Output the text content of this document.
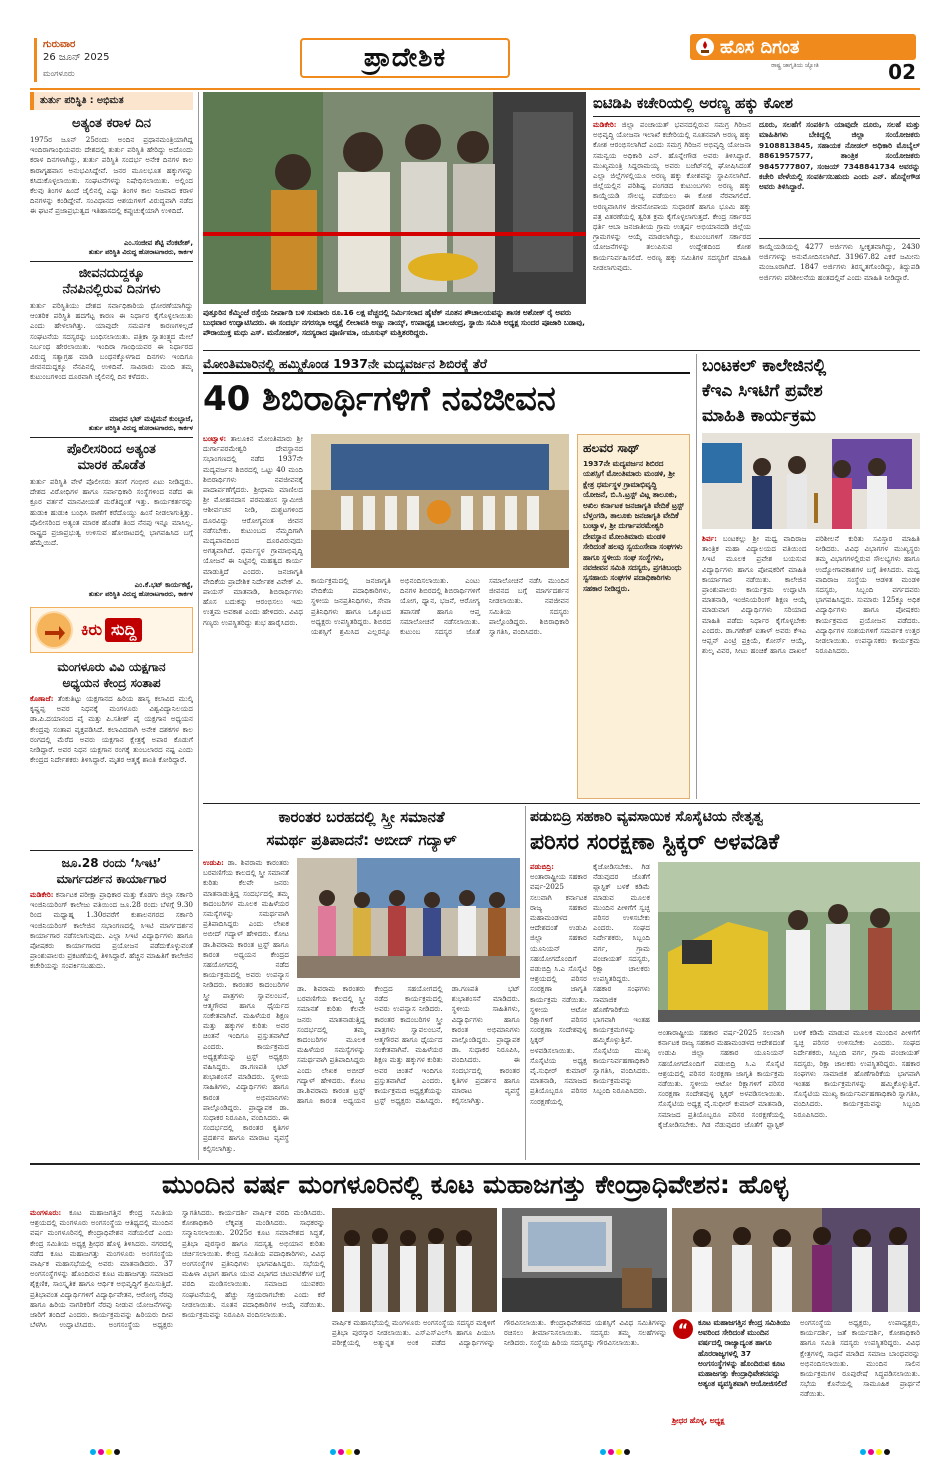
ಗುರುವಾರ
26 ಜೂನ್ 2025
ಮಂಗಳೂರು
ಪ್ರಾದೇಶಿಕ	ಹೊಸ ದಿಗಂತ
ರಾಷ್ಟ್ರ ಜಾಗೃತಿಯ ಜ್ಯೋತಿ	02
ತುರ್ತು ಪರಿಸ್ಥಿತಿ : ಅಭಿಮತ
ಅತ್ಯಂತ ಕರಾಳ ದಿನ
1975ರ ಜೂನ್ 25ರಂದು ಅಂದಿನ ಪ್ರಧಾನಮಂತ್ರಿಯಾಗಿದ್ದ ಇಂದಿರಾಗಾಂಧಿಯವರು ದೇಶದಲ್ಲಿ ತುರ್ತು ಪರಿಸ್ಥಿತಿ ಹೇರಿದ್ದು ಅದೊಂದು ಕರಾಳ ದಿನಗಳಾಗಿದ್ದು, ತುರ್ತು ಪರಿಸ್ಥಿತಿ ಸಂದರ್ಭ ಅನೇಕ ದಿನಗಳ ಕಾಲ ಕಾರಾಗೃಹವಾಸ ಅನುಭವಿಸಿದ್ದೇವೆ. ಜನರ ಮೂಲಭೂತ ಹಕ್ಕುಗಳನ್ನು ಕಸಿದುಕೊಳ್ಳಲಾಯಿತು. ಸಂಘಟನೆಗಳನ್ನು ನಿಷೇಧಿಸಲಾಯಿತು. ಅಲ್ಲಿಂದ ಕೆಲವು ತಿಂಗಳ ಹಿಂದೆ ಜೈಲಿನಲ್ಲಿ ಎಷ್ಟು ತಿಂಗಳ ಕಾಲ ನಿಜವಾದ ಕರಾಳ ದಿನಗಳನ್ನು ಕಂಡಿದ್ದೇವೆ. ಸಂವಿಧಾನದ ಆಶಯಗಳಿಗೆ ವಿರುದ್ಧವಾಗಿ ನಡೆದ ಈ ಘಟನೆ ಪ್ರಜಾಪ್ರಭುತ್ವದ ಇತಿಹಾಸದಲ್ಲಿ ಕಪ್ಪುಚುಕ್ಕೆಯಾಗಿ ಉಳಿದಿದೆ.
ಎಂ.ಸಂಜೀವ ಶೆಟ್ಟಿ ವೆಂಕಟೇಶ್,
ತುರ್ತು ಪರಿಸ್ಥಿತಿ ವಿರುದ್ಧ ಹೋರಾಟಗಾರರು, ಕಾರ್ಕಳ
ಜೀವನದುದ್ದಕ್ಕೂ
ನೆನಪಿನಲ್ಲಿರುವ ದಿನಗಳು
ತುರ್ತು ಪರಿಸ್ಥಿತಿಯು ದೇಶದ ಸರ್ವಾಧಿಕಾರಿಯ ಧೋರಣೆಯಾಗಿದ್ದು ಆಂತರಿಕ ಪರಿಸ್ಥಿತಿ ಹದಗೆಟ್ಟ ಕಾರಣ ಈ ನಿರ್ಧಾರ ಕೈಗೊಳ್ಳಲಾಯಿತು ಎಂದು ಹೇಳಲಾಗಿತ್ತು. ಯಾವುದೇ ಸಮರ್ಪಕ ಕಾರಣಗಳಿಲ್ಲದೆ ಸಂಘಟನೆಯ ಸದಸ್ಯರನ್ನು ಬಂಧಿಸಲಾಯಿತು. ಪತ್ರಿಕಾ ಸ್ವಾತಂತ್ರ್ಯದ ಮೇಲೆ ನಿರ್ಬಂಧ ಹೇರಲಾಯಿತು. ಇಂದಿರಾ ಗಾಂಧಿಯವರ ಈ ನಿರ್ಧಾರದ ವಿರುದ್ಧ ಸತ್ಯಾಗ್ರಹ ಮಾಡಿ ಬಂಧನಕ್ಕೊಳಗಾದ ದಿನಗಳು ಇಂದಿಗೂ ಜೀವನದುದ್ದಕ್ಕೂ ನೆನಪಿನಲ್ಲಿ ಉಳಿದಿವೆ. ಸಾವಿರಾರು ಮಂದಿ ತಮ್ಮ ಕುಟುಂಬಗಳಿಂದ ದೂರವಾಗಿ ಜೈಲಿನಲ್ಲಿ ದಿನ ಕಳೆದರು.
ಮಾಧವ ಭಟ್ ಮಟ್ಟಿಮನೆ ಕುಂಬ್ಳಾಜೆ,
ತುರ್ತು ಪರಿಸ್ಥಿತಿ ವಿರುದ್ಧ ಹೋರಾಟಗಾರರು, ಕಾರ್ಕಳ
ಪೊಲೀಸರಿಂದ ಅತ್ಯಂತ
ಮಾರಕ ಹೊಡೆತ
ತುರ್ತು ಪರಿಸ್ಥಿತಿ ವೇಳೆ ಪೊಲೀಸರು ತನಗೆ ಗಂಭೀರ ಏಟು ನೀಡಿದ್ದರು. ದೇಶದ ವಿರೋಧಿಗಳ ಹಾಗೂ ಸರ್ವಾಧಿಕಾರಿ ಸಂಸ್ಥೆಗಳಿಂದ ನಡೆದ ಈ ಕ್ರೂರ ವರ್ತನೆ ಮಾನವೀಯತೆ ಮರೆತಿದ್ದಂತೆ ಇತ್ತು. ಕಾರ್ಯಕರ್ತರನ್ನು ಹುಡುಕಿ ಹುಡುಕಿ ಬಂಧಿಸಿ ಠಾಣೆಗೆ ಕರೆದೊಯ್ದು ಹಿಂಸೆ ನೀಡಲಾಗುತ್ತಿತ್ತು. ಪೊಲೀಸರಿಂದ ಅತ್ಯಂತ ಮಾರಕ ಹೊಡೆತ ತಿಂದ ನೆನಪು ಇನ್ನೂ ಮಾಸಿಲ್ಲ. ರಾಷ್ಟ್ರದ ಪ್ರಜಾಪ್ರಭುತ್ವ ಉಳಿಸುವ ಹೋರಾಟದಲ್ಲಿ ಭಾಗವಹಿಸಿದ ಬಗ್ಗೆ ಹೆಮ್ಮೆಯಿದೆ.
ಎಂ.ಕೆ.ಭಟ್ ಕಾರ್ಯಕಟ್ಟೆ,
ತುರ್ತು ಪರಿಸ್ಥಿತಿ ವಿರುದ್ಧ ಹೋರಾಟಗಾರರು, ಕಾರ್ಕಳ
ಕಿರು ಸುದ್ದಿ
ಮಂಗಳೂರು ವಿವಿ ಯಕ್ಷಗಾನ
ಅಧ್ಯಯನ ಕೇಂದ್ರ ಸಂತಾಪ
ಕೊಣಾಜೆ: ತೆಂಕುತಿಟ್ಟು ಯಕ್ಷಗಾನದ ಹಿರಿಯ ಹಾಸ್ಯ ಕಲಾವಿದ ಮುಲ್ಕಿ ಕೃಷ್ಣಪ್ಪ ಅವರ ನಿಧನಕ್ಕೆ ಮಂಗಳೂರು ವಿಶ್ವವಿದ್ಯಾನಿಲಯದ ಡಾ.ಪಿ.ದಯಾನಂದ ಪೈ ಮತ್ತು ಪಿ.ಸತೀಶ್ ಪೈ ಯಕ್ಷಗಾನ ಅಧ್ಯಯನ ಕೇಂದ್ರವು ಸಂತಾಪ ವ್ಯಕ್ತಪಡಿಸಿದೆ. ಕಲಾವಿದರಾಗಿ ಅನೇಕ ದಶಕಗಳ ಕಾಲ ರಂಗದಲ್ಲಿ ಮೆರೆದ ಅವರು ಯಕ್ಷಗಾನ ಕ್ಷೇತ್ರಕ್ಕೆ ಅಪಾರ ಕೊಡುಗೆ ನೀಡಿದ್ದಾರೆ. ಅವರ ನಿಧನ ಯಕ್ಷಗಾನ ರಂಗಕ್ಕೆ ತುಂಬಲಾರದ ನಷ್ಟ ಎಂದು ಕೇಂದ್ರದ ನಿರ್ದೇಶಕರು ತಿಳಿಸಿದ್ದಾರೆ. ಮೃತರ ಆತ್ಮಕ್ಕೆ ಶಾಂತಿ ಕೋರಿದ್ದಾರೆ.
ಜೂ.28 ರಂದು ‘ಸಿಇಟಿ’
ಮಾರ್ಗದರ್ಶನ ಕಾರ್ಯಾಗಾರ
ಮಡಿಕೇರಿ: ಕರ್ನಾಟಕ ಪರೀಕ್ಷಾ ಪ್ರಾಧಿಕಾರ ಮತ್ತು ಕೊಡಗು ಜಿಲ್ಲಾ ಸರ್ಕಾರಿ ಇಂಜಿನಿಯರಿಂಗ್ ಕಾಲೇಜು ವತಿಯಿಂದ ಜೂ.28 ರಂದು ಬೆಳಗ್ಗೆ 9.30 ರಿಂದ ಮಧ್ಯಾಹ್ನ 1.30ರವರೆಗೆ ಕುಶಾಲನಗರದ ಸರ್ಕಾರಿ ಇಂಜಿನಿಯರಿಂಗ್ ಕಾಲೇಜಿನ ಸಭಾಂಗಣದಲ್ಲಿ ಸಿಇಟಿ ಮಾರ್ಗದರ್ಶನ ಕಾರ್ಯಾಗಾರ ನಡೆಸಲಾಗುವುದು. ಎಲ್ಲಾ ಸಿಇಟಿ ವಿದ್ಯಾರ್ಥಿಗಳು ಹಾಗೂ ಪೋಷಕರು ಕಾರ್ಯಾಗಾರದ ಪ್ರಯೋಜನ ಪಡೆದುಕೊಳ್ಳುವಂತೆ ಪ್ರಾಂಶುಪಾಲರು ಪ್ರಕಟಣೆಯಲ್ಲಿ ತಿಳಿಸಿದ್ದಾರೆ. ಹೆಚ್ಚಿನ ಮಾಹಿತಿಗೆ ಕಾಲೇಜಿನ ಕಚೇರಿಯನ್ನು ಸಂಪರ್ಕಿಸಬಹುದು.
ಪುತ್ತೂರಿನ ಕೆಮ್ಮಿಂಜೆ ರಸ್ತೆಯ ನೀರ್ಪಾಡಿ ಬಳಿ ಸುಮಾರು ರೂ.16 ಲಕ್ಷ ವೆಚ್ಚದಲ್ಲಿ ನಿರ್ಮಿಸಲಾದ ಹೈಟೆಕ್ ನೂತನ ಶೌಚಾಲಯವನ್ನು ಶಾಸಕ ಅಶೋಕ್ ರೈ ಅವರು ಬುಧವಾರ ಉದ್ಘಾಟಿಸಿದರು. ಈ ಸಂದರ್ಭ ನಗರಸಭಾ ಅಧ್ಯಕ್ಷೆ ಲೀಲಾವತಿ ಅಣ್ಣು ನಾಯ್ಕ್, ಉಪಾಧ್ಯಕ್ಷ ಬಾಲಚಂದ್ರ, ಸ್ಥಾಯಿ ಸಮಿತಿ ಅಧ್ಯಕ್ಷ ಸುಂದರ ಪೂಜಾರಿ ಬಡಾವು, ಪೌರಾಯುಕ್ತ ಮಧು ಎಸ್. ಮನೋಹರ್, ಸದಸ್ಯರಾದ ಪೂರ್ಣಿಮಾ, ಯೂಸುಫ್ ಮತ್ತಿತರರಿದ್ದರು.
ಐಟಿಡಿಪಿ ಕಚೇರಿಯಲ್ಲಿ ಅರಣ್ಯ ಹಕ್ಕು ಕೋಶ
ಮಡಿಕೇರಿ: ಜಿಲ್ಲಾ ಪಂಚಾಯತ್ ಭವನದಲ್ಲಿರುವ ಸಮಗ್ರ ಗಿರಿಜನ ಅಭಿವೃದ್ಧಿ ಯೋಜನಾ ಇಲಾಖೆ ಕಚೇರಿಯಲ್ಲಿ ನೂತನವಾಗಿ ಅರಣ್ಯ ಹಕ್ಕು ಕೋಶ ಆರಂಭಿಸಲಾಗಿದೆ ಎಂದು ಸಮಗ್ರ ಗಿರಿಜನ ಅಭಿವೃದ್ಧಿ ಯೋಜನಾ ಸಮನ್ವಯ ಅಧಿಕಾರಿ ಎನ್. ಹೊನ್ನೇಗೌಡ ಅವರು ತಿಳಿಸಿದ್ದಾರೆ. ಮುಖ್ಯಮಂತ್ರಿ ಸಿದ್ದರಾಮಯ್ಯ ಅವರು ಬಜೆಟ್‌ನಲ್ಲಿ ಘೋಷಿಸಿದಂತೆ ಎಲ್ಲಾ ಜಿಲ್ಲೆಗಳಲ್ಲಿಯೂ ಅರಣ್ಯ ಹಕ್ಕು ಕೋಶವನ್ನು ಸ್ಥಾಪಿಸಲಾಗಿದೆ. ಜಿಲ್ಲೆಯಲ್ಲಿನ ಪರಿಶಿಷ್ಟ ಪಂಗಡದ ಕುಟುಂಬಗಳು ಅರಣ್ಯ ಹಕ್ಕು ಕಾಯ್ದೆಯಡಿ ಸೌಲಭ್ಯ ಪಡೆಯಲು ಈ ಕೋಶ ನೆರವಾಗಲಿದೆ. ಅರಣ್ಯವಾಸಿಗಳ ಜೀವನೋಪಾಯ ಸುಧಾರಣೆ ಹಾಗೂ ಭೂಮಿ ಹಕ್ಕು ಪತ್ರ ವಿತರಣೆಯಲ್ಲಿ ತ್ವರಿತ ಕ್ರಮ ಕೈಗೊಳ್ಳಲಾಗುತ್ತದೆ. ಕೇಂದ್ರ ಸರ್ಕಾರದ ಧರ್ತಿ ಆಬಾ ಜನಜಾತೀಯ ಗ್ರಾಮ ಉತ್ಕರ್ಷ ಅಭಿಯಾನದಡಿ ಜಿಲ್ಲೆಯ ಗ್ರಾಮಗಳನ್ನು ಆಯ್ಕೆ ಮಾಡಲಾಗಿದ್ದು, ಕುಟುಂಬಗಳಿಗೆ ಸರ್ಕಾರದ ಯೋಜನೆಗಳನ್ನು ತಲುಪಿಸುವ ಉದ್ದೇಶದಿಂದ ಕೋಶ ಕಾರ್ಯನಿರ್ವಹಿಸಲಿದೆ. ಅರಣ್ಯ ಹಕ್ಕು ಸಮಿತಿಗಳ ಸದಸ್ಯರಿಗೆ ಮಾಹಿತಿ ನೀಡಲಾಗುವುದು.
ದೂರು, ಸಲಹೆಗೆ ಸಂಪರ್ಕಿಸಿ ಯಾವುದೇ ದೂರು, ಸಲಹೆ ಮತ್ತು ಮಾಹಿತಿಗಳು ಬೇಕಿದ್ದಲ್ಲಿ ಜಿಲ್ಲಾ ಸಂಯೋಜಕರು 9108813845, ಸಹಾಯಕ ನೋಡಲ್ ಅಧಿಕಾರಿ ಮೊಬೈಲ್ 8861957577, ತಾಂತ್ರಿಕ ಸಂಯೋಜಕರು 9845777807, ಸಂಜಯ್ 7348841734 ಅವರನ್ನು ಕಚೇರಿ ವೇಳೆಯಲ್ಲಿ ಸಂಪರ್ಕಿಸಬಹುದು ಎಂದು ಎನ್. ಹೊನ್ನೇಗೌಡ ಅವರು ತಿಳಿಸಿದ್ದಾರೆ.
ಕಾಯ್ದೆಯಡಿಯಲ್ಲಿ 4277 ಅರ್ಜಿಗಳು ಸ್ವೀಕೃತವಾಗಿದ್ದು, 2430 ಅರ್ಜಿಗಳನ್ನು ಅನುಮೋದಿಸಲಾಗಿದೆ. 31967.82 ಎಕರೆ ಜಮೀನು ಮಂಜೂರಾಗಿದೆ. 1847 ಅರ್ಜಿಗಳು ತಿರಸ್ಕೃತಗೊಂಡಿದ್ದು, ತಿದ್ದುಪಡಿ ಅರ್ಜಿಗಳು ಪರಿಶೀಲನೆಯ ಹಂತದಲ್ಲಿವೆ ಎಂದು ಮಾಹಿತಿ ನೀಡಿದ್ದಾರೆ.
ಮೋಂತಿಮಾರಿನಲ್ಲಿ ಹಮ್ಮಿಕೊಂಡ 1937ನೇ ಮದ್ಯವರ್ಜನ ಶಿಬಿರಕ್ಕೆ ತೆರೆ
40 ಶಿಬಿರಾರ್ಥಿಗಳಿಗೆ ನವಜೀವನ
ಬಂಟ್ವಾಳ: ತಾಲೂಕಿನ ಮೋಂತಿಮಾರು ಶ್ರೀ ದುರ್ಗಾಪರಮೇಶ್ವರಿ ದೇವಸ್ಥಾನದ ಸಭಾಂಗಣದಲ್ಲಿ ನಡೆದ 1937ನೇ ಮದ್ಯವರ್ಜನ ಶಿಬಿರದಲ್ಲಿ ಒಟ್ಟು 40 ಮಂದಿ ಶಿಬಿರಾರ್ಥಿಗಳು ನವಜೀವನಕ್ಕೆ ಪಾದಾರ್ಪಣೆಗೈದರು. ಶ್ರೀಧಾಮ ಮಾಣಿಲದ ಶ್ರೀ ಮೋಹನದಾಸ ಪರಮಹಂಸ ಸ್ವಾಮೀಜಿ ಆಶೀರ್ವಚನ ನೀಡಿ, ದುಶ್ಚಟಗಳಿಂದ ದೂರವಿದ್ದು ಆರೋಗ್ಯವಂತ ಜೀವನ ನಡೆಸಬೇಕು. ಕುಟುಂಬದ ನೆಮ್ಮದಿಗಾಗಿ ಮದ್ಯಪಾನದಿಂದ ದೂರವಿರುವುದು ಅಗತ್ಯವಾಗಿದೆ. ಧರ್ಮಸ್ಥಳ ಗ್ರಾಮಾಭಿವೃದ್ಧಿ ಯೋಜನೆ ಈ ನಿಟ್ಟಿನಲ್ಲಿ ಮಹತ್ವದ ಕಾರ್ಯ ಮಾಡುತ್ತಿದೆ ಎಂದರು. ಜನಜಾಗೃತಿ ವೇದಿಕೆಯ ಪ್ರಾದೇಶಿಕ ನಿರ್ದೇಶಕ ವಿವೇಕ್ ವಿ. ಪಾಯಸ್ ಮಾತನಾಡಿ, ಶಿಬಿರಾರ್ಥಿಗಳು ಹೊಸ ಬದುಕನ್ನು ಆರಂಭಿಸಲು ಇದು ಉತ್ತಮ ಅವಕಾಶ ಎಂದು ಹೇಳಿದರು. ವಿವಿಧ ಗಣ್ಯರು ಉಪಸ್ಥಿತರಿದ್ದು ಶುಭ ಹಾರೈಸಿದರು.
ಕಾರ್ಯಕ್ರಮದಲ್ಲಿ ಜನಜಾಗೃತಿ ವೇದಿಕೆಯ ಪದಾಧಿಕಾರಿಗಳು, ಸ್ಥಳೀಯ ಜನಪ್ರತಿನಿಧಿಗಳು, ಸೇವಾ ಪ್ರತಿನಿಧಿಗಳು ಹಾಗೂ ಒಕ್ಕೂಟದ ಅಧ್ಯಕ್ಷರು ಉಪಸ್ಥಿತರಿದ್ದರು. ಶಿಬಿರದ ಯಶಸ್ಸಿಗೆ ಶ್ರಮಿಸಿದ ಎಲ್ಲರನ್ನೂ ಅಭಿನಂದಿಸಲಾಯಿತು. ಎಂಟು ದಿನಗಳ ಶಿಬಿರದಲ್ಲಿ ಶಿಬಿರಾರ್ಥಿಗಳಿಗೆ ಯೋಗ, ಧ್ಯಾನ, ಭಜನೆ, ಆರೋಗ್ಯ ತಪಾಸಣೆ ಹಾಗೂ ಆಪ್ತ ಸಮಾಲೋಚನೆ ನಡೆಸಲಾಯಿತು. ಕುಟುಂಬ ಸದಸ್ಯರ ಜೊತೆ ಸಮಾಲೋಚನೆ ನಡೆಸಿ ಮುಂದಿನ ಜೀವನದ ಬಗ್ಗೆ ಮಾರ್ಗದರ್ಶನ ನೀಡಲಾಯಿತು. ನವಜೀವನ ಸಮಿತಿಯ ಸದಸ್ಯರು ಪಾಲ್ಗೊಂಡಿದ್ದರು. ಶಿಬಿರಾಧಿಕಾರಿ ಸ್ವಾಗತಿಸಿ, ವಂದಿಸಿದರು.
ಹಲವರ ಸಾಥ್
1937ನೇ ಮದ್ಯವರ್ಜನ ಶಿಬಿರದ ಯಶಸ್ಸಿಗೆ ಮೋಂತಿಮಾರು ಮಂಡಳಿ, ಶ್ರೀ ಕ್ಷೇತ್ರ ಧರ್ಮಸ್ಥಳ ಗ್ರಾಮಾಭಿವೃದ್ಧಿ ಯೋಜನೆ, ಬಿ.ಸಿ.ಟ್ರಸ್ಟ್ ವಿಟ್ಲ ತಾಲೂಕು, ಅಖಿಲ ಕರ್ನಾಟಕ ಜನಜಾಗೃತಿ ವೇದಿಕೆ ಟ್ರಸ್ಟ್ ಬೆಳ್ತಂಗಡಿ, ತಾಲೂಕು ಜನಜಾಗೃತಿ ವೇದಿಕೆ ಬಂಟ್ವಾಳ, ಶ್ರೀ ದುರ್ಗಾಪರಮೇಶ್ವರಿ ದೇವಸ್ಥಾನ ಮೋಂತಿಮಾರು ಮಂಡಳಿ ಸೇರಿದಂತೆ ಹಲವು ಸ್ವಯಂಸೇವಾ ಸಂಘಗಳು ಹಾಗೂ ಸ್ಥಳೀಯ ಸಂಘ ಸಂಸ್ಥೆಗಳು, ನವಜೀವನ ಸಮಿತಿ ಸದಸ್ಯರು, ಪ್ರಗತಿಬಂಧು ಸ್ವಸಹಾಯ ಸಂಘಗಳ ಪದಾಧಿಕಾರಿಗಳು ಸಹಕಾರ ನೀಡಿದ್ದರು.
ಬಂಟಕಲ್ ಕಾಲೇಜಿನಲ್ಲಿ
ಕೆಇಎ ಸಿಇಟಿಗೆ ಪ್ರವೇಶ
ಮಾಹಿತಿ ಕಾರ್ಯಕ್ರಮ
ಶಿರ್ವ: ಬಂಟಕಲ್ಲು ಶ್ರೀ ಮಧ್ವ ವಾದಿರಾಜ ತಾಂತ್ರಿಕ ಮಹಾ ವಿದ್ಯಾಲಯದ ವತಿಯಿಂದ ಸಿಇಟಿ ಮೂಲಕ ಪ್ರವೇಶ ಬಯಸುವ ವಿದ್ಯಾರ್ಥಿಗಳು ಹಾಗೂ ಪೋಷಕರಿಗೆ ಮಾಹಿತಿ ಕಾರ್ಯಾಗಾರ ನಡೆಯಿತು. ಕಾಲೇಜಿನ ಪ್ರಾಂಶುಪಾಲರು ಕಾರ್ಯಕ್ರಮ ಉದ್ಘಾಟಿಸಿ ಮಾತನಾಡಿ, ಇಂಜಿನಿಯರಿಂಗ್ ಶಿಕ್ಷಣ ಆಯ್ಕೆ ಮಾಡುವಾಗ ವಿದ್ಯಾರ್ಥಿಗಳು ಸರಿಯಾದ ಮಾಹಿತಿ ಪಡೆದು ನಿರ್ಧಾರ ಕೈಗೊಳ್ಳಬೇಕು ಎಂದರು. ಡಾ.ಗಣೇಶ್ ಐತಾಳ್ ಅವರು ಕೆಇಎ ಆಪ್ಷನ್ ಎಂಟ್ರಿ ಪ್ರಕ್ರಿಯೆ, ಕೋರ್ಸ್ ಆಯ್ಕೆ, ಶುಲ್ಕ ವಿವರ, ಸೀಟು ಹಂಚಿಕೆ ಹಾಗೂ ದಾಖಲೆ ಪರಿಶೀಲನೆ ಕುರಿತು ಸವಿಸ್ತಾರ ಮಾಹಿತಿ ನೀಡಿದರು. ವಿವಿಧ ವಿಭಾಗಗಳ ಮುಖ್ಯಸ್ಥರು ತಮ್ಮ ವಿಭಾಗಗಳಲ್ಲಿರುವ ಸೌಲಭ್ಯಗಳು ಹಾಗೂ ಉದ್ಯೋಗಾವಕಾಶಗಳ ಬಗ್ಗೆ ತಿಳಿಸಿದರು. ಮಧ್ವ ವಾದಿರಾಜ ಸಂಸ್ಥೆಯ ಆಡಳಿತ ಮಂಡಳಿ ಸದಸ್ಯರು, ಸಿಬ್ಬಂದಿ ವರ್ಗದವರು ಭಾಗವಹಿಸಿದ್ದರು. ಸುಮಾರು 125ಕ್ಕೂ ಅಧಿಕ ವಿದ್ಯಾರ್ಥಿಗಳು ಹಾಗೂ ಪೋಷಕರು ಕಾರ್ಯಕ್ರಮದ ಪ್ರಯೋಜನ ಪಡೆದರು. ವಿದ್ಯಾರ್ಥಿಗಳ ಸಂಶಯಗಳಿಗೆ ಸಮರ್ಪಕ ಉತ್ತರ ನೀಡಲಾಯಿತು. ಉಪನ್ಯಾಸಕರು ಕಾರ್ಯಕ್ರಮ ನಿರೂಪಿಸಿದರು.
ಕಾರಂತರ ಬರಹದಲ್ಲಿ ಸ್ತ್ರೀ ಸಮಾನತೆ
ಸಮರ್ಥ ಪ್ರತಿಪಾದನೆ: ಅಬೀದ್ ಗದ್ಯಾಳ್
ಉಡುಪಿ: ಡಾ. ಶಿವರಾಮ ಕಾರಂತರು ಬರವಣಿಗೆಯ ಕಾಲದಲ್ಲಿ ಸ್ತ್ರೀ ಸಮಾನತೆ ಕುರಿತು ಕೆಲವೇ ಜನರು ಮಾತನಾಡುತ್ತಿದ್ದ ಸಂದರ್ಭದಲ್ಲಿ ತಮ್ಮ ಕಾದಂಬರಿಗಳ ಮೂಲಕ ಮಹಿಳೆಯರ ಸಮಸ್ಯೆಗಳನ್ನು ಸಮರ್ಥವಾಗಿ ಪ್ರತಿಪಾದಿಸಿದ್ದರು ಎಂದು ಲೇಖಕ ಅಬೀದ್ ಗದ್ಯಾಳ್ ಹೇಳಿದರು. ಕೋಟ ಡಾ.ಶಿವರಾಮ ಕಾರಂತ ಟ್ರಸ್ಟ್ ಹಾಗೂ ಕಾರಂತ ಅಧ್ಯಯನ ಕೇಂದ್ರದ ಸಹಯೋಗದಲ್ಲಿ ನಡೆದ ಕಾರ್ಯಕ್ರಮದಲ್ಲಿ ಅವರು ಉಪನ್ಯಾಸ ನೀಡಿದರು. ಕಾರಂತರ ಕಾದಂಬರಿಗಳ ಸ್ತ್ರೀ ಪಾತ್ರಗಳು ಸ್ವಾವಲಂಬನೆ, ಆತ್ಮಗೌರವ ಹಾಗೂ ಧೈರ್ಯದ ಸಂಕೇತವಾಗಿವೆ. ಮಹಿಳೆಯರ ಶಿಕ್ಷಣ ಮತ್ತು ಹಕ್ಕುಗಳ ಕುರಿತು ಅವರ ಚಿಂತನೆ ಇಂದಿಗೂ ಪ್ರಸ್ತುತವಾಗಿದೆ ಎಂದರು. ಕಾರ್ಯಕ್ರಮದ ಅಧ್ಯಕ್ಷತೆಯನ್ನು ಟ್ರಸ್ಟ್ ಅಧ್ಯಕ್ಷರು ವಹಿಸಿದ್ದರು. ಡಾ.ಗಣಪತಿ ಭಟ್ ಶುಭಾಶಂಸನೆ ಮಾಡಿದರು. ಸ್ಥಳೀಯ ಸಾಹಿತಿಗಳು, ವಿದ್ಯಾರ್ಥಿಗಳು ಹಾಗೂ ಕಾರಂತ ಅಭಿಮಾನಿಗಳು ಪಾಲ್ಗೊಂಡಿದ್ದರು. ಪ್ರಾಧ್ಯಾಪಕ ಡಾ. ಸುಧಾಕರ ನಿರೂಪಿಸಿ, ವಂದಿಸಿದರು. ಈ ಸಂದರ್ಭದಲ್ಲಿ ಕಾರಂತರ ಕೃತಿಗಳ ಪ್ರದರ್ಶನ ಹಾಗೂ ಮಾರಾಟ ವ್ಯವಸ್ಥೆ ಕಲ್ಪಿಸಲಾಗಿತ್ತು.
ಡಾ. ಶಿವರಾಮ ಕಾರಂತರು ಬರವಣಿಗೆಯ ಕಾಲದಲ್ಲಿ ಸ್ತ್ರೀ ಸಮಾನತೆ ಕುರಿತು ಕೆಲವೇ ಜನರು ಮಾತನಾಡುತ್ತಿದ್ದ ಸಂದರ್ಭದಲ್ಲಿ ತಮ್ಮ ಕಾದಂಬರಿಗಳ ಮೂಲಕ ಮಹಿಳೆಯರ ಸಮಸ್ಯೆಗಳನ್ನು ಸಮರ್ಥವಾಗಿ ಪ್ರತಿಪಾದಿಸಿದ್ದರು ಎಂದು ಲೇಖಕ ಅಬೀದ್ ಗದ್ಯಾಳ್ ಹೇಳಿದರು. ಕೋಟ ಡಾ.ಶಿವರಾಮ ಕಾರಂತ ಟ್ರಸ್ಟ್ ಹಾಗೂ ಕಾರಂತ ಅಧ್ಯಯನ ಕೇಂದ್ರದ ಸಹಯೋಗದಲ್ಲಿ ನಡೆದ ಕಾರ್ಯಕ್ರಮದಲ್ಲಿ ಅವರು ಉಪನ್ಯಾಸ ನೀಡಿದರು. ಕಾರಂತರ ಕಾದಂಬರಿಗಳ ಸ್ತ್ರೀ ಪಾತ್ರಗಳು ಸ್ವಾವಲಂಬನೆ, ಆತ್ಮಗೌರವ ಹಾಗೂ ಧೈರ್ಯದ ಸಂಕೇತವಾಗಿವೆ. ಮಹಿಳೆಯರ ಶಿಕ್ಷಣ ಮತ್ತು ಹಕ್ಕುಗಳ ಕುರಿತು ಅವರ ಚಿಂತನೆ ಇಂದಿಗೂ ಪ್ರಸ್ತುತವಾಗಿದೆ ಎಂದರು. ಕಾರ್ಯಕ್ರಮದ ಅಧ್ಯಕ್ಷತೆಯನ್ನು ಟ್ರಸ್ಟ್ ಅಧ್ಯಕ್ಷರು ವಹಿಸಿದ್ದರು. ಡಾ.ಗಣಪತಿ ಭಟ್ ಶುಭಾಶಂಸನೆ ಮಾಡಿದರು. ಸ್ಥಳೀಯ ಸಾಹಿತಿಗಳು, ವಿದ್ಯಾರ್ಥಿಗಳು ಹಾಗೂ ಕಾರಂತ ಅಭಿಮಾನಿಗಳು ಪಾಲ್ಗೊಂಡಿದ್ದರು. ಪ್ರಾಧ್ಯಾಪಕ ಡಾ. ಸುಧಾಕರ ನಿರೂಪಿಸಿ, ವಂದಿಸಿದರು. ಈ ಸಂದರ್ಭದಲ್ಲಿ ಕಾರಂತರ ಕೃತಿಗಳ ಪ್ರದರ್ಶನ ಹಾಗೂ ಮಾರಾಟ ವ್ಯವಸ್ಥೆ ಕಲ್ಪಿಸಲಾಗಿತ್ತು.
ಪಡುಬಿದ್ರಿ ಸಹಕಾರಿ ವ್ಯವಸಾಯಿಕ ಸೊಸೈಟಿಯ ನೇತೃತ್ವ
ಪರಿಸರ ಸಂರಕ್ಷಣಾ ಸ್ಟಿಕ್ಕರ್ ಅಳವಡಿಕೆ
ಪಡುಬಿದ್ರಿ: ಅಂತಾರಾಷ್ಟ್ರೀಯ ಸಹಕಾರ ವರ್ಷ-2025 ಸಲುವಾಗಿ ಕರ್ನಾಟಕ ರಾಜ್ಯ ಸಹಕಾರ ಮಹಾಮಂಡಳದ ಆದೇಶದಂತೆ ಉಡುಪಿ ಜಿಲ್ಲಾ ಸಹಕಾರ ಯೂನಿಯನ್ ಸಹಯೋಗದೊಂದಿಗೆ ಪಡುಬಿದ್ರಿ ಸಿ.ಎ ಸೊಸೈಟಿ ಆಶ್ರಯದಲ್ಲಿ ಪರಿಸರ ಸಂರಕ್ಷಣಾ ಜಾಗೃತಿ ಕಾರ್ಯಕ್ರಮ ನಡೆಯಿತು. ಸ್ಥಳೀಯ ಆಟೋ ರಿಕ್ಷಾಗಳಿಗೆ ಪರಿಸರ ಸಂರಕ್ಷಣಾ ಸಂದೇಶವುಳ್ಳ ಸ್ಟಿಕ್ಕರ್ ಅಳವಡಿಸಲಾಯಿತು. ಸೊಸೈಟಿಯ ಅಧ್ಯಕ್ಷ ವೈ.ಸುಧೀರ್ ಕುಮಾರ್ ಮಾತನಾಡಿ, ಸಮಾಜದ ಪ್ರತಿಯೊಬ್ಬರೂ ಪರಿಸರ ಸಂರಕ್ಷಣೆಯಲ್ಲಿ ಕೈಜೋಡಿಸಬೇಕು. ಗಿಡ ನೆಡುವುದರ ಜೊತೆಗೆ ಪ್ಲಾಸ್ಟಿಕ್ ಬಳಕೆ ಕಡಿಮೆ ಮಾಡುವ ಮೂಲಕ ಮುಂದಿನ ಪೀಳಿಗೆಗೆ ಸ್ವಚ್ಛ ಪರಿಸರ ಉಳಿಸಬೇಕು ಎಂದರು. ಸಂಘದ ನಿರ್ದೇಶಕರು, ಸಿಬ್ಬಂದಿ ವರ್ಗ, ಗ್ರಾಮ ಪಂಚಾಯತ್ ಸದಸ್ಯರು, ರಿಕ್ಷಾ ಚಾಲಕರು ಉಪಸ್ಥಿತರಿದ್ದರು. ಸಹಕಾರ ಸಂಘಗಳು ಸಾಮಾಜಿಕ ಹೊಣೆಗಾರಿಕೆಯ ಭಾಗವಾಗಿ ಇಂತಹ ಕಾರ್ಯಕ್ರಮಗಳನ್ನು ಹಮ್ಮಿಕೊಳ್ಳುತ್ತಿವೆ. ಸೊಸೈಟಿಯ ಮುಖ್ಯ ಕಾರ್ಯನಿರ್ವಹಣಾಧಿಕಾರಿ ಸ್ವಾಗತಿಸಿ, ವಂದಿಸಿದರು. ಕಾರ್ಯಕ್ರಮವನ್ನು ಸಿಬ್ಬಂದಿ ನಿರೂಪಿಸಿದರು.
ಅಂತಾರಾಷ್ಟ್ರೀಯ ಸಹಕಾರ ವರ್ಷ-2025 ಸಲುವಾಗಿ ಕರ್ನಾಟಕ ರಾಜ್ಯ ಸಹಕಾರ ಮಹಾಮಂಡಳದ ಆದೇಶದಂತೆ ಉಡುಪಿ ಜಿಲ್ಲಾ ಸಹಕಾರ ಯೂನಿಯನ್ ಸಹಯೋಗದೊಂದಿಗೆ ಪಡುಬಿದ್ರಿ ಸಿ.ಎ ಸೊಸೈಟಿ ಆಶ್ರಯದಲ್ಲಿ ಪರಿಸರ ಸಂರಕ್ಷಣಾ ಜಾಗೃತಿ ಕಾರ್ಯಕ್ರಮ ನಡೆಯಿತು. ಸ್ಥಳೀಯ ಆಟೋ ರಿಕ್ಷಾಗಳಿಗೆ ಪರಿಸರ ಸಂರಕ್ಷಣಾ ಸಂದೇಶವುಳ್ಳ ಸ್ಟಿಕ್ಕರ್ ಅಳವಡಿಸಲಾಯಿತು. ಸೊಸೈಟಿಯ ಅಧ್ಯಕ್ಷ ವೈ.ಸುಧೀರ್ ಕುಮಾರ್ ಮಾತನಾಡಿ, ಸಮಾಜದ ಪ್ರತಿಯೊಬ್ಬರೂ ಪರಿಸರ ಸಂರಕ್ಷಣೆಯಲ್ಲಿ ಕೈಜೋಡಿಸಬೇಕು. ಗಿಡ ನೆಡುವುದರ ಜೊತೆಗೆ ಪ್ಲಾಸ್ಟಿಕ್ ಬಳಕೆ ಕಡಿಮೆ ಮಾಡುವ ಮೂಲಕ ಮುಂದಿನ ಪೀಳಿಗೆಗೆ ಸ್ವಚ್ಛ ಪರಿಸರ ಉಳಿಸಬೇಕು ಎಂದರು. ಸಂಘದ ನಿರ್ದೇಶಕರು, ಸಿಬ್ಬಂದಿ ವರ್ಗ, ಗ್ರಾಮ ಪಂಚಾಯತ್ ಸದಸ್ಯರು, ರಿಕ್ಷಾ ಚಾಲಕರು ಉಪಸ್ಥಿತರಿದ್ದರು. ಸಹಕಾರ ಸಂಘಗಳು ಸಾಮಾಜಿಕ ಹೊಣೆಗಾರಿಕೆಯ ಭಾಗವಾಗಿ ಇಂತಹ ಕಾರ್ಯಕ್ರಮಗಳನ್ನು ಹಮ್ಮಿಕೊಳ್ಳುತ್ತಿವೆ. ಸೊಸೈಟಿಯ ಮುಖ್ಯ ಕಾರ್ಯನಿರ್ವಹಣಾಧಿಕಾರಿ ಸ್ವಾಗತಿಸಿ, ವಂದಿಸಿದರು. ಕಾರ್ಯಕ್ರಮವನ್ನು ಸಿಬ್ಬಂದಿ ನಿರೂಪಿಸಿದರು.
ಮುಂದಿನ ವರ್ಷ ಮಂಗಳೂರಿನಲ್ಲಿ ಕೂಟ ಮಹಾಜಗತ್ತು ಕೇಂದ್ರಾಧಿವೇಶನ: ಹೊಳ್ಳ
ಮಂಗಳೂರು: ಕೂಟ ಮಹಾಜಗತ್ತಿನ ಕೇಂದ್ರ ಸಮಿತಿಯ ಆಶ್ರಯದಲ್ಲಿ ಮಂಗಳೂರು ಅಂಗಸಂಸ್ಥೆಯ ಆತಿಥ್ಯದಲ್ಲಿ ಮುಂದಿನ ವರ್ಷ ಮಂಗಳೂರಿನಲ್ಲಿ ಕೇಂದ್ರಾಧಿವೇಶನ ನಡೆಯಲಿದೆ ಎಂದು ಕೇಂದ್ರ ಸಮಿತಿಯ ಅಧ್ಯಕ್ಷ ಶ್ರೀಧರ ಹೊಳ್ಳ ತಿಳಿಸಿದರು. ನಗರದಲ್ಲಿ ನಡೆದ ಕೂಟ ಮಹಾಜಗತ್ತು ಮಂಗಳೂರು ಅಂಗಸಂಸ್ಥೆಯ ವಾರ್ಷಿಕ ಮಹಾಸಭೆಯಲ್ಲಿ ಅವರು ಮಾತನಾಡಿದರು. 37 ಅಂಗಸಂಸ್ಥೆಗಳನ್ನು ಹೊಂದಿರುವ ಕೂಟ ಮಹಾಜಗತ್ತು ಸಮಾಜದ ಶೈಕ್ಷಣಿಕ, ಸಾಂಸ್ಕೃತಿಕ ಹಾಗೂ ಆರ್ಥಿಕ ಅಭಿವೃದ್ಧಿಗೆ ಶ್ರಮಿಸುತ್ತಿದೆ. ಪ್ರತಿಭಾವಂತ ವಿದ್ಯಾರ್ಥಿಗಳಿಗೆ ವಿದ್ಯಾರ್ಥಿವೇತನ, ಆರೋಗ್ಯ ನೆರವು ಹಾಗೂ ಹಿರಿಯ ನಾಗರಿಕರಿಗೆ ನೆರವು ನೀಡುವ ಯೋಜನೆಗಳನ್ನು ಜಾರಿಗೆ ತಂದಿದೆ ಎಂದರು. ಕಾರ್ಯಕ್ರಮವನ್ನು ಹಿರಿಯರು ದೀಪ ಬೆಳಗಿಸಿ ಉದ್ಘಾಟಿಸಿದರು. ಅಂಗಸಂಸ್ಥೆಯ ಅಧ್ಯಕ್ಷರು ಸ್ವಾಗತಿಸಿದರು. ಕಾರ್ಯದರ್ಶಿ ವಾರ್ಷಿಕ ವರದಿ ಮಂಡಿಸಿದರು. ಕೋಶಾಧಿಕಾರಿ ಲೆಕ್ಕಪತ್ರ ಮಂಡಿಸಿದರು. ಸಾಧಕರನ್ನು ಸನ್ಮಾನಿಸಲಾಯಿತು. 2025ರ ಕೂಟ ಸಮಾವೇಶದ ಸಿದ್ಧತೆ, ಪ್ರತಿಭಾ ಪುರಸ್ಕಾರ ಹಾಗೂ ಸದಸ್ಯತ್ವ ಅಭಿಯಾನ ಕುರಿತು ಚರ್ಚಿಸಲಾಯಿತು. ಕೇಂದ್ರ ಸಮಿತಿಯ ಪದಾಧಿಕಾರಿಗಳು, ವಿವಿಧ ಅಂಗಸಂಸ್ಥೆಗಳ ಪ್ರತಿನಿಧಿಗಳು ಭಾಗವಹಿಸಿದ್ದರು. ಸಭೆಯಲ್ಲಿ ಮಹಿಳಾ ವಿಭಾಗ ಹಾಗೂ ಯುವ ವಿಭಾಗದ ಚಟುವಟಿಕೆಗಳ ಬಗ್ಗೆ ವರದಿ ಮಂಡಿಸಲಾಯಿತು. ಸಮಾಜದ ಯುವಕರು ಸಂಘಟನೆಯಲ್ಲಿ ಹೆಚ್ಚು ಸಕ್ರಿಯರಾಗಬೇಕು ಎಂದು ಕರೆ ನೀಡಲಾಯಿತು. ನೂತನ ಪದಾಧಿಕಾರಿಗಳ ಆಯ್ಕೆ ನಡೆಯಿತು. ಕಾರ್ಯಕ್ರಮವನ್ನು ನಿರೂಪಿಸಿ ವಂದಿಸಲಾಯಿತು.
ವಾರ್ಷಿಕ ಮಹಾಸಭೆಯಲ್ಲಿ ಮಂಗಳೂರು ಅಂಗಸಂಸ್ಥೆಯ ಸದಸ್ಯರ ಮಕ್ಕಳಿಗೆ ಪ್ರತಿಭಾ ಪುರಸ್ಕಾರ ನೀಡಲಾಯಿತು. ಎಸ್ಎಸ್ಎಲ್‌ಸಿ ಹಾಗೂ ಪಿಯುಸಿ ಪರೀಕ್ಷೆಯಲ್ಲಿ ಅತ್ಯುನ್ನತ ಅಂಕ ಪಡೆದ ವಿದ್ಯಾರ್ಥಿಗಳನ್ನು ಗೌರವಿಸಲಾಯಿತು. ಕೇಂದ್ರಾಧಿವೇಶನದ ಯಶಸ್ಸಿಗೆ ವಿವಿಧ ಸಮಿತಿಗಳನ್ನು ರಚಿಸಲು ತೀರ್ಮಾನಿಸಲಾಯಿತು. ಸದಸ್ಯರು ತಮ್ಮ ಸಲಹೆಗಳನ್ನು ನೀಡಿದರು. ಸಂಸ್ಥೆಯ ಹಿರಿಯ ಸದಸ್ಯರನ್ನು ಗೌರವಿಸಲಾಯಿತು.
“ ಕೂಟ ಮಹಾಜಗತ್ತಿನ ಕೇಂದ್ರ ಸಮಿತಿಯು ಅವರಿಂದ ಸೇರಿದಂತೆ ಮುಂದಿನ ವರ್ಷದಲ್ಲಿ ರಾಜ್ಯಾದ್ಯಂತ ಹಾಗೂ ಹೊರರಾಜ್ಯಗಳಲ್ಲಿ 37 ಅಂಗಸಂಸ್ಥೆಗಳನ್ನು ಹೊಂದಿರುವ ಕೂಟ ಮಹಾಜಗತ್ತು ಕೇಂದ್ರಾಧಿವೇಶನವನ್ನು ಅತ್ಯಂತ ವ್ಯವಸ್ಥಿತವಾಗಿ ಆಯೋಜಿಸಲಿದೆ
ಶ್ರೀಧರ ಹೊಳ್ಳ, ಅಧ್ಯಕ್ಷ
ಅಂಗಸಂಸ್ಥೆಯ ಅಧ್ಯಕ್ಷರು, ಉಪಾಧ್ಯಕ್ಷರು, ಕಾರ್ಯದರ್ಶಿ, ಜತೆ ಕಾರ್ಯದರ್ಶಿ, ಕೋಶಾಧಿಕಾರಿ ಹಾಗೂ ಸಮಿತಿ ಸದಸ್ಯರು ಉಪಸ್ಥಿತರಿದ್ದರು. ವಿವಿಧ ಕ್ಷೇತ್ರಗಳಲ್ಲಿ ಸಾಧನೆ ಮಾಡಿದ ಸಮಾಜ ಬಾಂಧವರನ್ನು ಅಭಿನಂದಿಸಲಾಯಿತು. ಮುಂದಿನ ಸಾಲಿನ ಕಾರ್ಯಕ್ರಮಗಳ ರೂಪುರೇಷೆ ಸಿದ್ಧಪಡಿಸಲಾಯಿತು. ಸಭೆಯ ಕೊನೆಯಲ್ಲಿ ಸಾಮೂಹಿಕ ಪ್ರಾರ್ಥನೆ ನಡೆಯಿತು.
